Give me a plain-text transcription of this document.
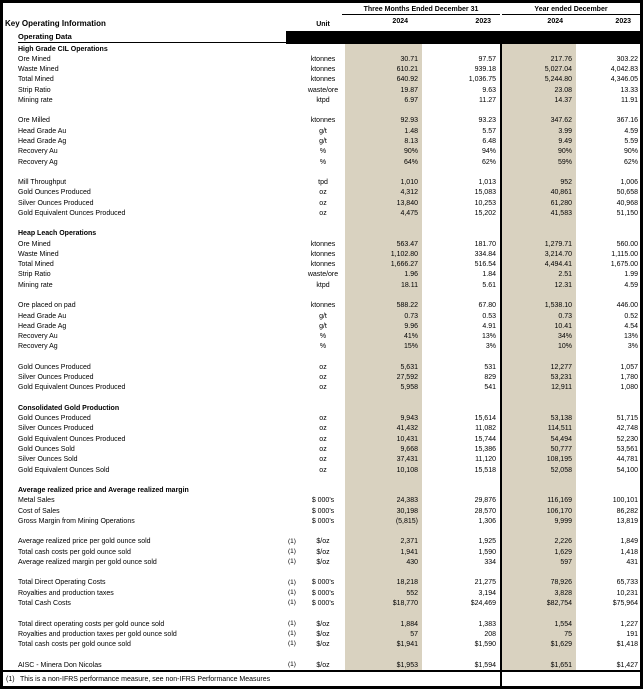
Key Operating Information	Unit
Three Months Ended December 31
2024	2023
Year ended December
2024	2023
Operating Data
High Grade CIL Operations
Ore Mined	ktonnes	30.71	97.57	217.76	303.22
Waste Mined	ktonnes	610.21	939.18	5,027.04	4,042.83
Total Mined	ktonnes	640.92	1,036.75	5,244.80	4,346.05
Strip Ratio	waste/ore	19.87	9.63	23.08	13.33
Mining rate	ktpd	6.97	11.27	14.37	11.91
Ore Milled	ktonnes	92.93	93.23	347.62	367.16
Head Grade Au	g/t	1.48	5.57	3.99	4.59
Head Grade Ag	g/t	8.13	6.48	9.49	5.59
Recovery Au	%	90%	94%	90%	90%
Recovery Ag	%	64%	62%	59%	62%
Mill Throughput	tpd	1,010	1,013	952	1,006
Gold Ounces Produced	oz	4,312	15,083	40,861	50,658
Silver Ounces Produced	oz	13,840	10,253	61,280	40,968
Gold Equivalent Ounces Produced	oz	4,475	15,202	41,583	51,150
Heap Leach Operations
Ore Mined	ktonnes	563.47	181.70	1,279.71	560.00
Waste Mined	ktonnes	1,102.80	334.84	3,214.70	1,115.00
Total Mined	ktonnes	1,666.27	516.54	4,494.41	1,675.00
Strip Ratio	waste/ore	1.96	1.84	2.51	1.99
Mining rate	ktpd	18.11	5.61	12.31	4.59
Ore placed on pad	ktonnes	588.22	67.80	1,538.10	446.00
Head Grade Au	g/t	0.73	0.53	0.73	0.52
Head Grade Ag	g/t	9.96	4.91	10.41	4.54
Recovery Au	%	41%	13%	34%	13%
Recovery Ag	%	15%	3%	10%	3%
Gold Ounces Produced	oz	5,631	531	12,277	1,057
Silver Ounces Produced	oz	27,592	829	53,231	1,780
Gold Equivalent Ounces Produced	oz	5,958	541	12,911	1,080
Consolidated Gold Production
Gold Ounces Produced	oz	9,943	15,614	53,138	51,715
Silver Ounces Produced	oz	41,432	11,082	114,511	42,748
Gold Equivalent Ounces Produced	oz	10,431	15,744	54,494	52,230
Gold Ounces Sold	oz	9,668	15,386	50,777	53,561
Silver Ounces Sold	oz	37,431	11,120	108,195	44,781
Gold Equivalent Ounces Sold	oz	10,108	15,518	52,058	54,100
Average realized price and Average realized margin
Metal Sales	$ 000's	24,383	29,876	116,169	100,101
Cost of Sales	$ 000's	30,198	28,570	106,170	86,282
Gross Margin from Mining Operations	$ 000's	(5,815)	1,306	9,999	13,819
Average realized price per gold ounce sold	(1)	$/oz	2,371	1,925	2,226	1,849
Total cash costs per gold ounce sold	(1)	$/oz	1,941	1,590	1,629	1,418
Average realized margin per gold ounce sold	(1)	$/oz	430	334	597	431
Total Direct Operating Costs	(1)	$ 000's	18,218	21,275	78,926	65,733
Royalties and production taxes	(1)	$ 000's	552	3,194	3,828	10,231
Total Cash Costs	(1)	$ 000's	$18,770	$24,469	$82,754	$75,964
Total direct operating costs per gold ounce sold	(1)	$/oz	1,884	1,383	1,554	1,227
Royalties and production taxes per gold ounce sold	(1)	$/oz	57	208	75	191
Total cash costs per gold ounce sold	(1)	$/oz	$1,941	$1,590	$1,629	$1,418
AISC - Minera Don Nicolas	(1)	$/oz	$1,953	$1,594	$1,651	$1,427
(1) This is a non-IFRS performance measure, see non-IFRS Performance Measures
